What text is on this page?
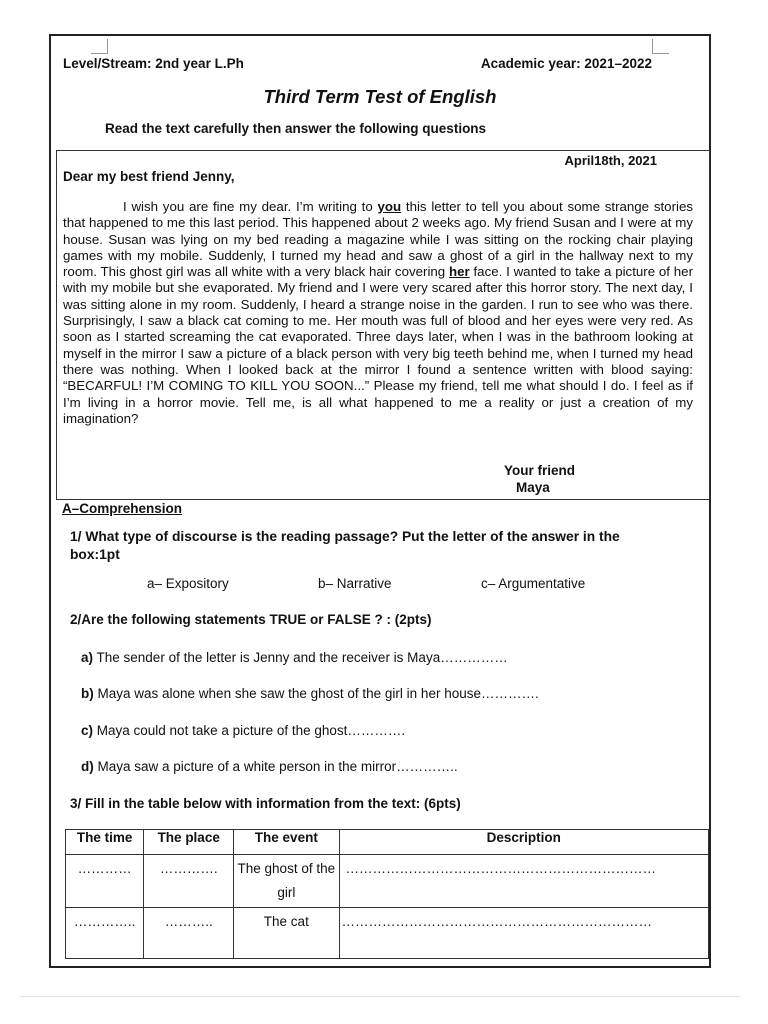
Level/Stream: 2nd year L.Ph	Academic year: 2021–2022
Third Term Test of English
Read the text carefully then answer the following questions
April18th, 2021
Dear my best friend Jenny,

I wish you are fine my dear. I’m writing to you this letter to tell you about some strange stories that happened to me this last period. This happened about 2 weeks ago. My friend Susan and I were at my house. Susan was lying on my bed reading a magazine while I was sitting on the rocking chair playing games with my mobile. Suddenly, I turned my head and saw a ghost of a girl in the hallway next to my room. This ghost girl was all white with a very black hair covering her face. I wanted to take a picture of her with my mobile but she evaporated. My friend and I were very scared after this horror story. The next day, I was sitting alone in my room. Suddenly, I heard a strange noise in the garden. I run to see who was there. Surprisingly, I saw a black cat coming to me. Her mouth was full of blood and her eyes were very red. As soon as I started screaming the cat evaporated. Three days later, when I was in the bathroom looking at myself in the mirror I saw a picture of a black person with very big teeth behind me, when I turned my head there was nothing. When I looked back at the mirror I found a sentence written with blood saying: “BECARFUL! I’M COMING TO KILL YOU SOON...” Please my friend, tell me what should I do. I feel as if I’m living in a horror movie. Tell me, is all what happened to me a reality or just a creation of my imagination?

Your friend
Maya
A–Comprehension
1/ What type of discourse is the reading passage? Put the letter of the answer in the box:1pt
a– Expository	b– Narrative	c– Argumentative
2/Are the following statements TRUE or FALSE ? : (2pts)
a) The sender of the letter is Jenny and the receiver is Maya……………
b) Maya was alone when she saw the ghost of the girl in her house………….
c) Maya could not take a picture of the ghost………….
d) Maya saw a picture of a white person in the mirror…………..
3/ Fill in the table below with information from the text: (6pts)
The time	The place	The event	Description
…………	………….	The ghost of the girl	……………………………………………………………
…………..	………..	The cat	……………………………………………………………
